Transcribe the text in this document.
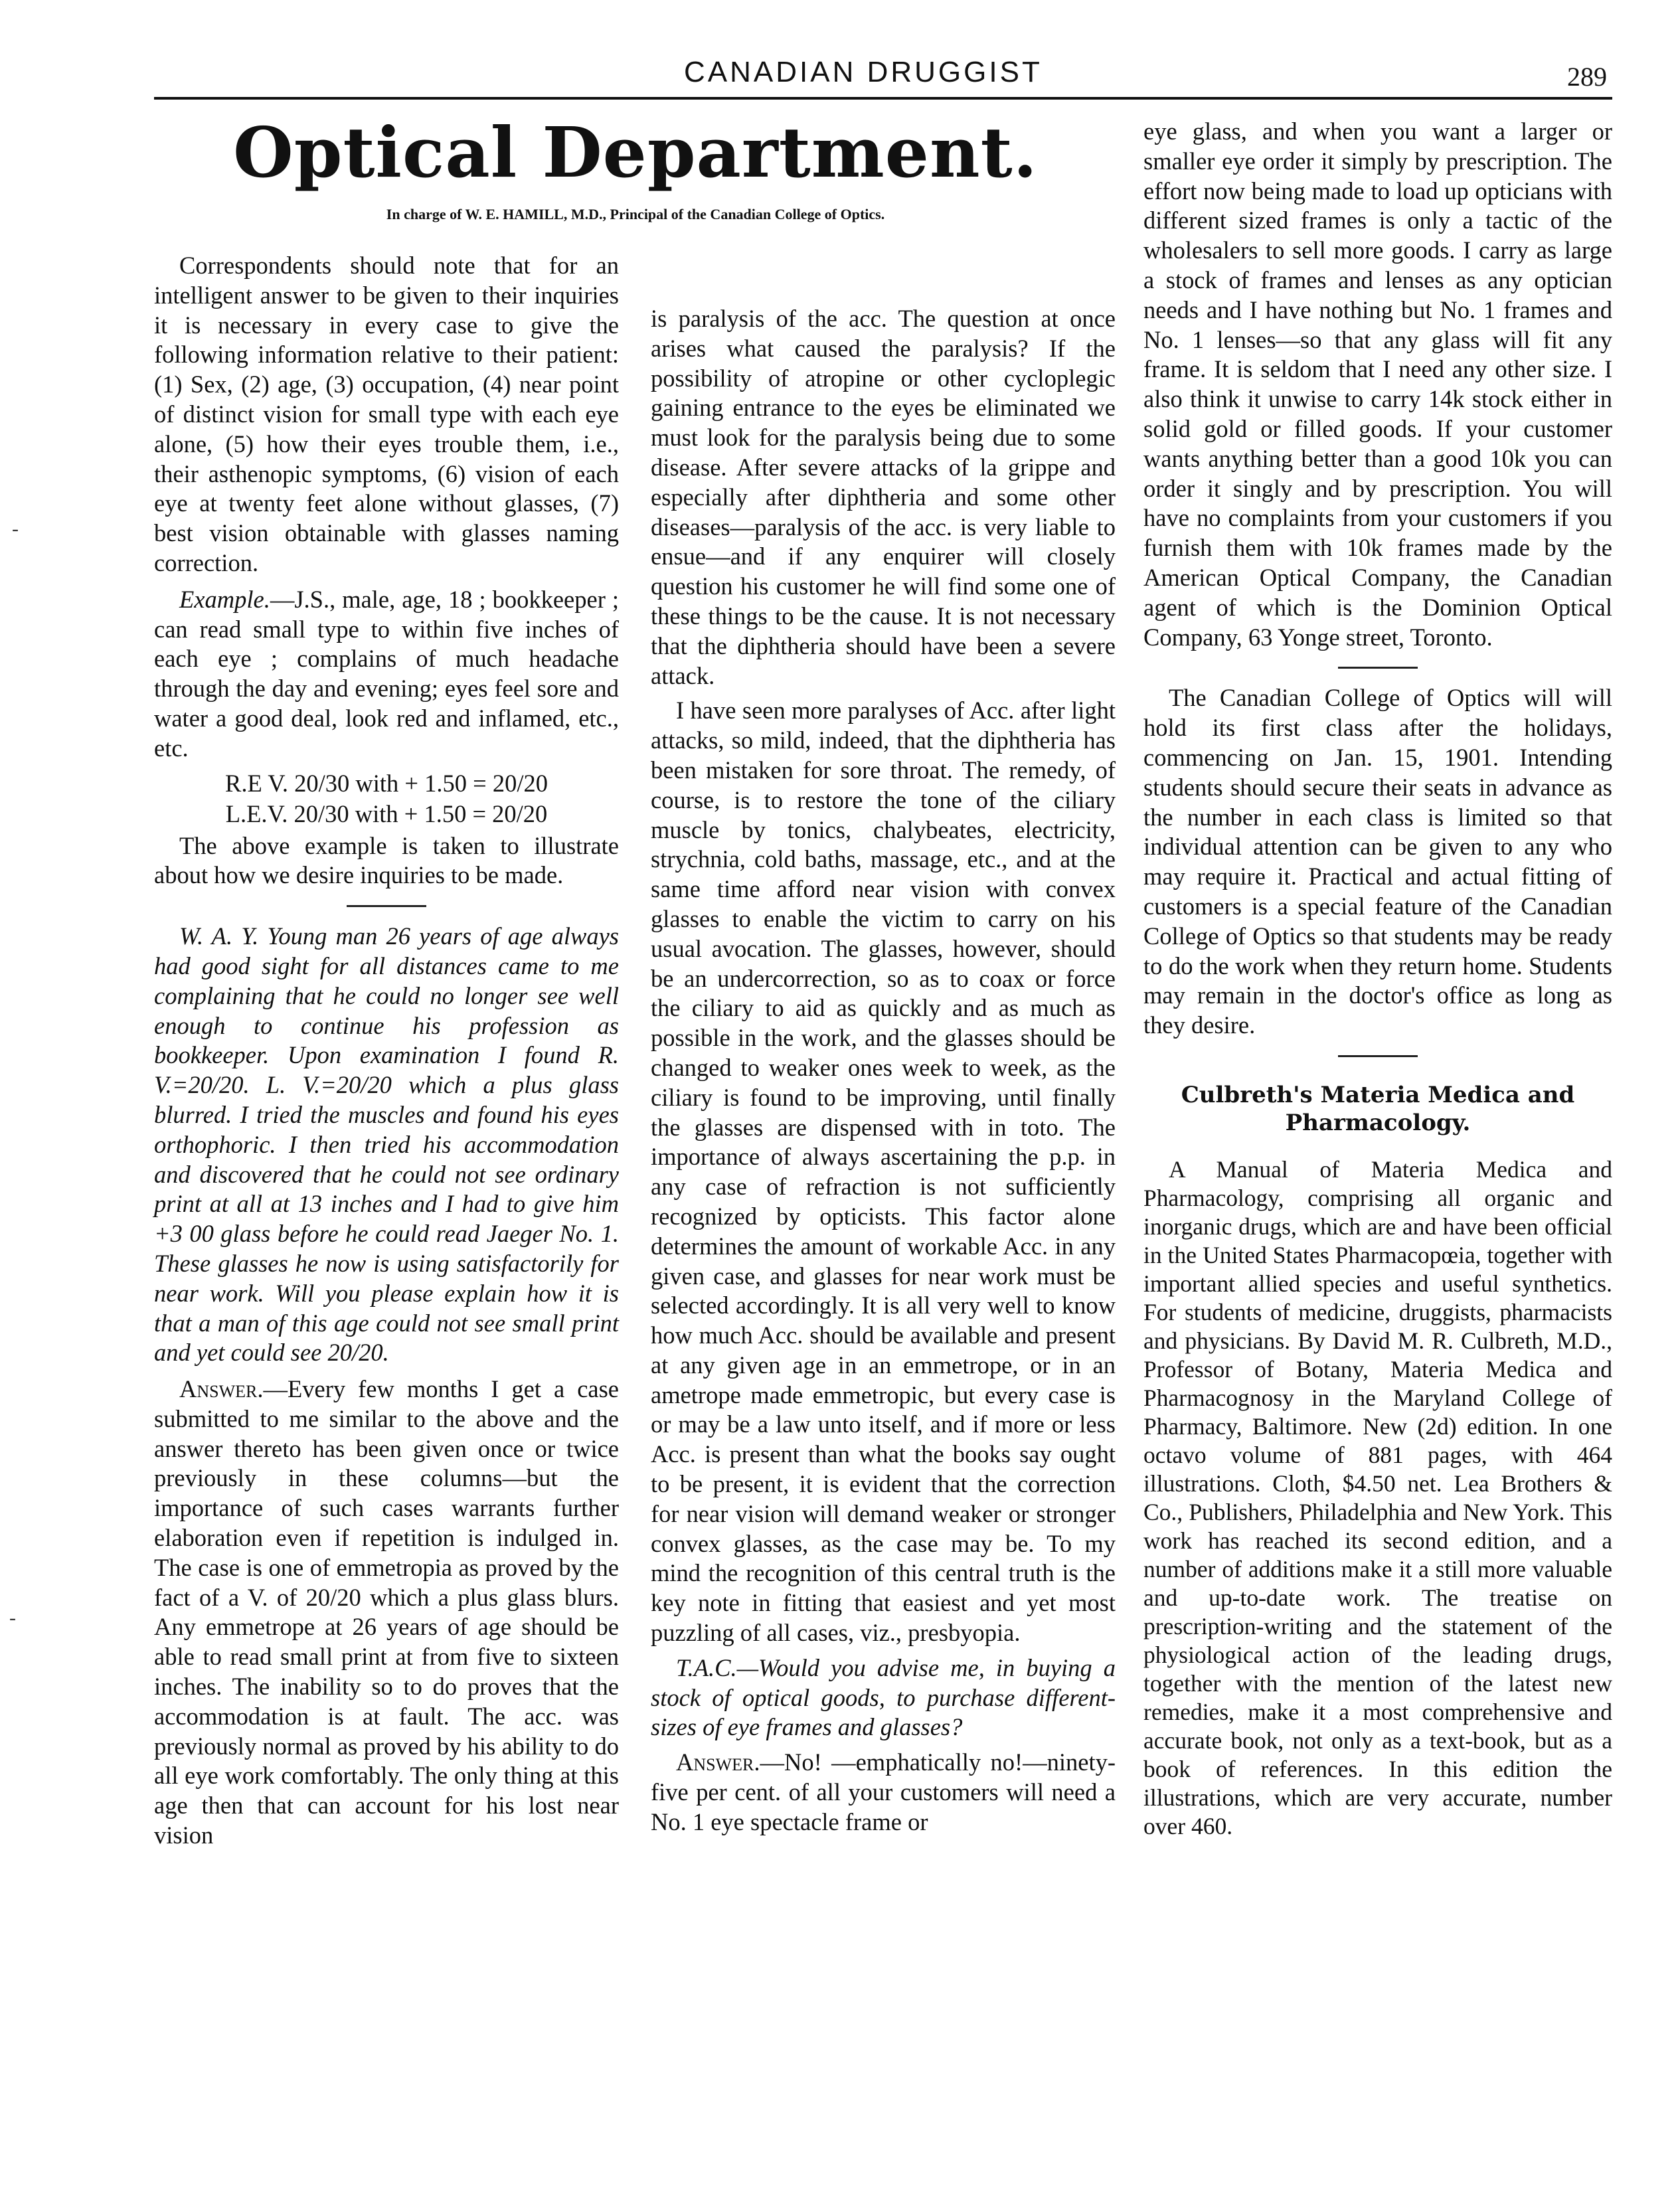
CANADIAN DRUGGIST	289
Optical Department.
In charge of W. E. HAMILL, M.D., Principal of the Canadian College of Optics.

Correspondents should note that for an intelligent answer to be given to their inquiries it is necessary in every case to give the following information relative to their patient: (1) Sex, (2) age, (3) occupation, (4) near point of distinct vision for small type with each eye alone, (5) how their eyes trouble them, i.e., their asthenopic symptoms, (6) vision of each eye at twenty feet alone without glasses, (7) best vision obtainable with glasses naming correction.

Example.—J.S., male, age, 18 ; bookkeeper ; can read small type to within five inches of each eye ; complains of much headache through the day and evening; eyes feel sore and water a good deal, look red and inflamed, etc., etc.

R.E V. 20/30 with + 1.50 = 20/20

L.E.V. 20/30 with + 1.50 = 20/20

The above example is taken to illustrate about how we desire inquiries to be made.

W. A. Y. Young man 26 years of age always had good sight for all distances came to me complaining that he could no longer see well enough to continue his profession as bookkeeper. Upon examination I found R. V.=20/20. L. V.=20/20 which a plus glass blurred. I tried the muscles and found his eyes orthophoric. I then tried his accommodation and discovered that he could not see ordinary print at all at 13 inches and I had to give him +3 00 glass before he could read Jaeger No. 1. These glasses he now is using satisfactorily for near work. Will you please explain how it is that a man of this age could not see small print and yet could see 20/20.

Answer.—Every few months I get a case submitted to me similar to the above and the answer thereto has been given once or twice previously in these columns—but the importance of such cases warrants further elaboration even if repetition is indulged in. The case is one of emmetropia as proved by the fact of a V. of 20/20 which a plus glass blurs. Any emmetrope at 26 years of age should be able to read small print at from five to sixteen inches. The inability so to do proves that the accommodation is at fault. The acc. was previously normal as proved by his ability to do all eye work comfortably. The only thing at this age then that can account for his lost near vision

is paralysis of the acc. The question at once arises what caused the paralysis? If the possibility of atropine or other cycloplegic gaining entrance to the eyes be eliminated we must look for the paralysis being due to some disease. After severe attacks of la grippe and especially after diphtheria and some other diseases—paralysis of the acc. is very liable to ensue—and if any enquirer will closely question his customer he will find some one of these things to be the cause. It is not necessary that the diphtheria should have been a severe attack.

I have seen more paralyses of Acc. after light attacks, so mild, indeed, that the diphtheria has been mistaken for sore throat. The remedy, of course, is to restore the tone of the ciliary muscle by tonics, chalybeates, electricity, strychnia, cold baths, massage, etc., and at the same time afford near vision with convex glasses to enable the victim to carry on his usual avocation. The glasses, however, should be an undercorrection, so as to coax or force the ciliary to aid as quickly and as much as possible in the work, and the glasses should be changed to weaker ones week to week, as the ciliary is found to be improving, until finally the glasses are dispensed with in toto. The importance of always ascertaining the p.p. in any case of refraction is not sufficiently recognized by opticists. This factor alone determines the amount of workable Acc. in any given case, and glasses for near work must be selected accordingly. It is all very well to know how much Acc. should be available and present at any given age in an emmetrope, or in an ametrope made emmetropic, but every case is or may be a law unto itself, and if more or less Acc. is present than what the books say ought to be present, it is evident that the correction for near vision will demand weaker or stronger convex glasses, as the case may be. To my mind the recognition of this central truth is the key note in fitting that easiest and yet most puzzling of all cases, viz., presbyopia.

T.A.C.—Would you advise me, in buying a stock of optical goods, to purchase different-sizes of eye frames and glasses?

Answer.—No! —emphatically no!—ninety-five per cent. of all your customers will need a No. 1 eye spectacle frame or

eye glass, and when you want a larger or smaller eye order it simply by prescription. The effort now being made to load up opticians with different sized frames is only a tactic of the wholesalers to sell more goods. I carry as large a stock of frames and lenses as any optician needs and I have nothing but No. 1 frames and No. 1 lenses—so that any glass will fit any frame. It is seldom that I need any other size. I also think it unwise to carry 14k stock either in solid gold or filled goods. If your customer wants anything better than a good 10k you can order it singly and by prescription. You will have no complaints from your customers if you furnish them with 10k frames made by the American Optical Company, the Canadian agent of which is the Dominion Optical Company, 63 Yonge street, Toronto.

The Canadian College of Optics will will hold its first class after the holidays, commencing on Jan. 15, 1901. Intending students should secure their seats in advance as the number in each class is limited so that individual attention can be given to any who may require it. Practical and actual fitting of customers is a special feature of the Canadian College of Optics so that students may be ready to do the work when they return home. Students may remain in the doctor's office as long as they desire.

Culbreth's Materia Medica and Pharmacology.

A Manual of Materia Medica and Pharmacology, comprising all organic and inorganic drugs, which are and have been official in the United States Pharmacopœia, together with important allied species and useful synthetics. For students of medicine, druggists, pharmacists and physicians. By David M. R. Culbreth, M.D., Professor of Botany, Materia Medica and Pharmacognosy in the Maryland College of Pharmacy, Baltimore. New (2d) edition. In one octavo volume of 881 pages, with 464 illustrations. Cloth, $4.50 net. Lea Brothers & Co., Publishers, Philadelphia and New York. This work has reached its second edition, and a number of additions make it a still more valuable and up-to-date work. The treatise on prescription-writing and the statement of the physiological action of the leading drugs, together with the mention of the latest new remedies, make it a most comprehensive and accurate book, not only as a text-book, but as a book of references. In this edition the illustrations, which are very accurate, number over 460.

-
-
